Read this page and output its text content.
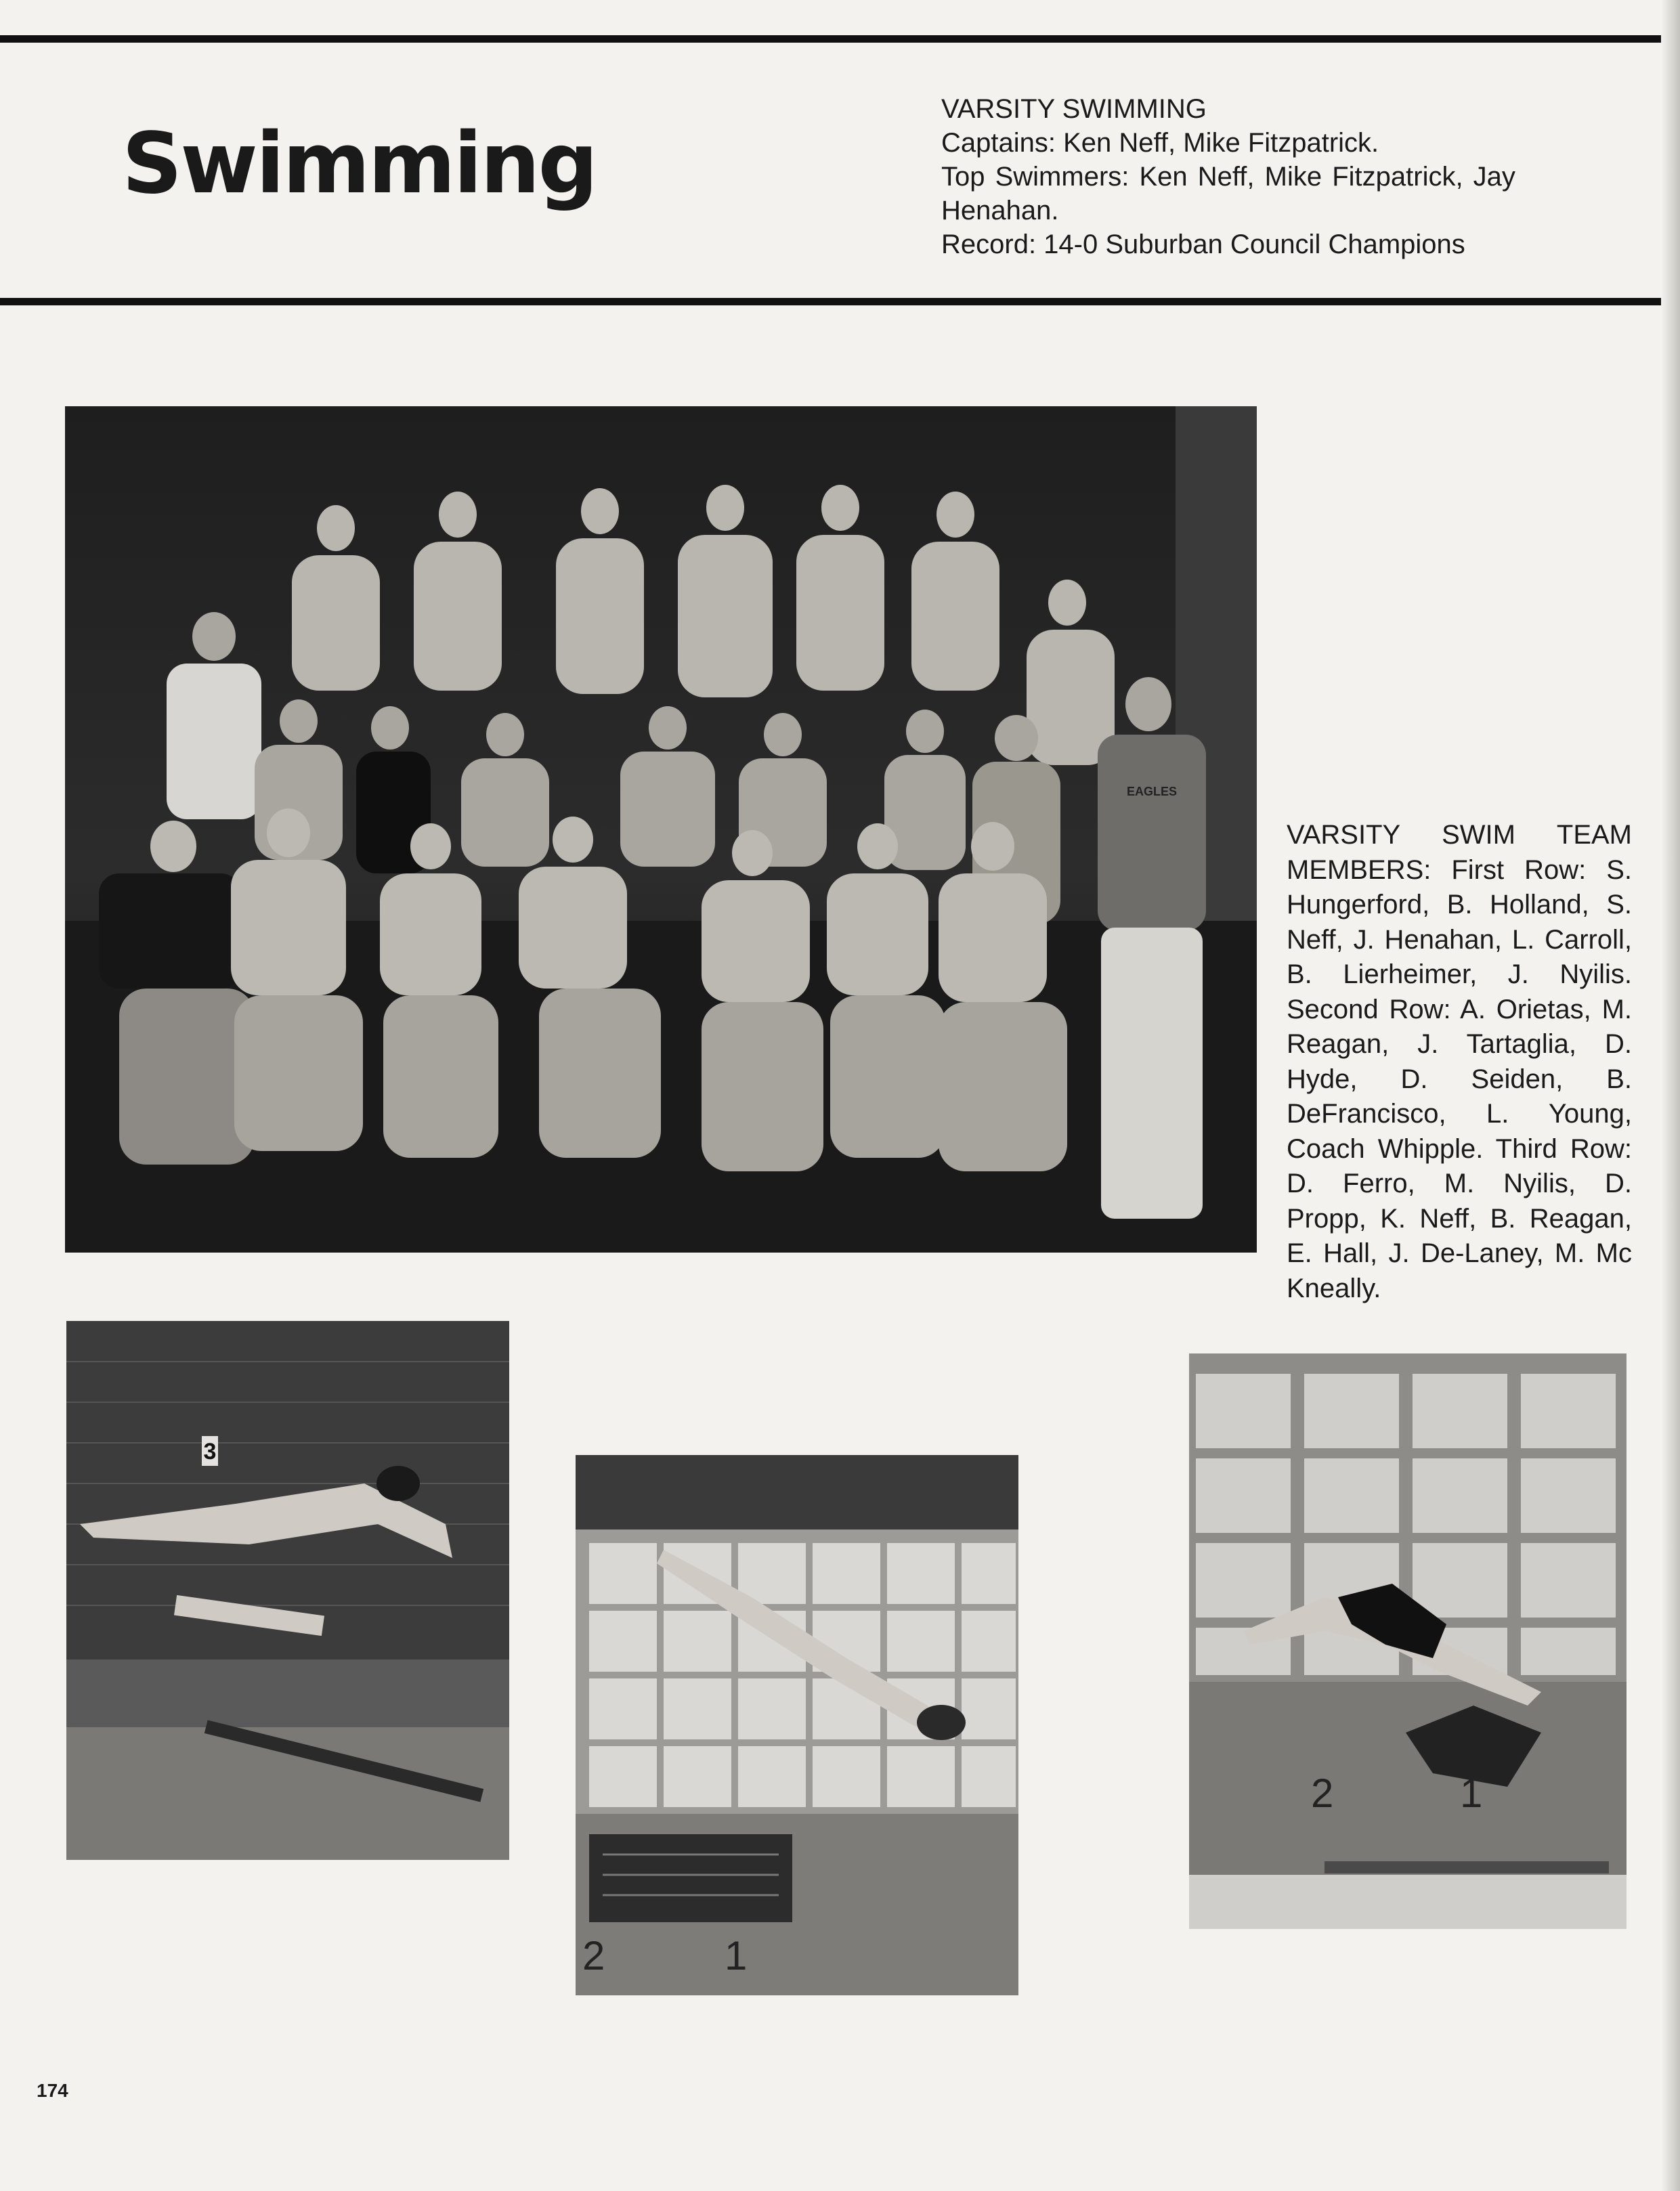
Swimming
VARSITY SWIMMING
Captains: Ken Neff, Mike Fitzpatrick.
Top Swimmers: Ken Neff, Mike Fitzpatrick, Jay
Henahan.
Record: 14-0 Suburban Council Champions
EAGLES
VARSITY SWIM TEAM MEMBERS: First Row: S. Hungerford, B. Holland, S. Neff, J. Henahan, L. Carroll, B. Lierheimer, J. Nyilis. Second Row: A. Orietas, M. Reagan, J. Tartaglia, D. Hyde, D. Seiden, B. DeFrancisco, L. Young, Coach Whipple. Third Row: D. Ferro, M. Nyilis, D. Propp, K. Neff, B. Reagan, E. Hall, J. De-Laney, M. Mc Kneally.
3
2	1
2	1
174
